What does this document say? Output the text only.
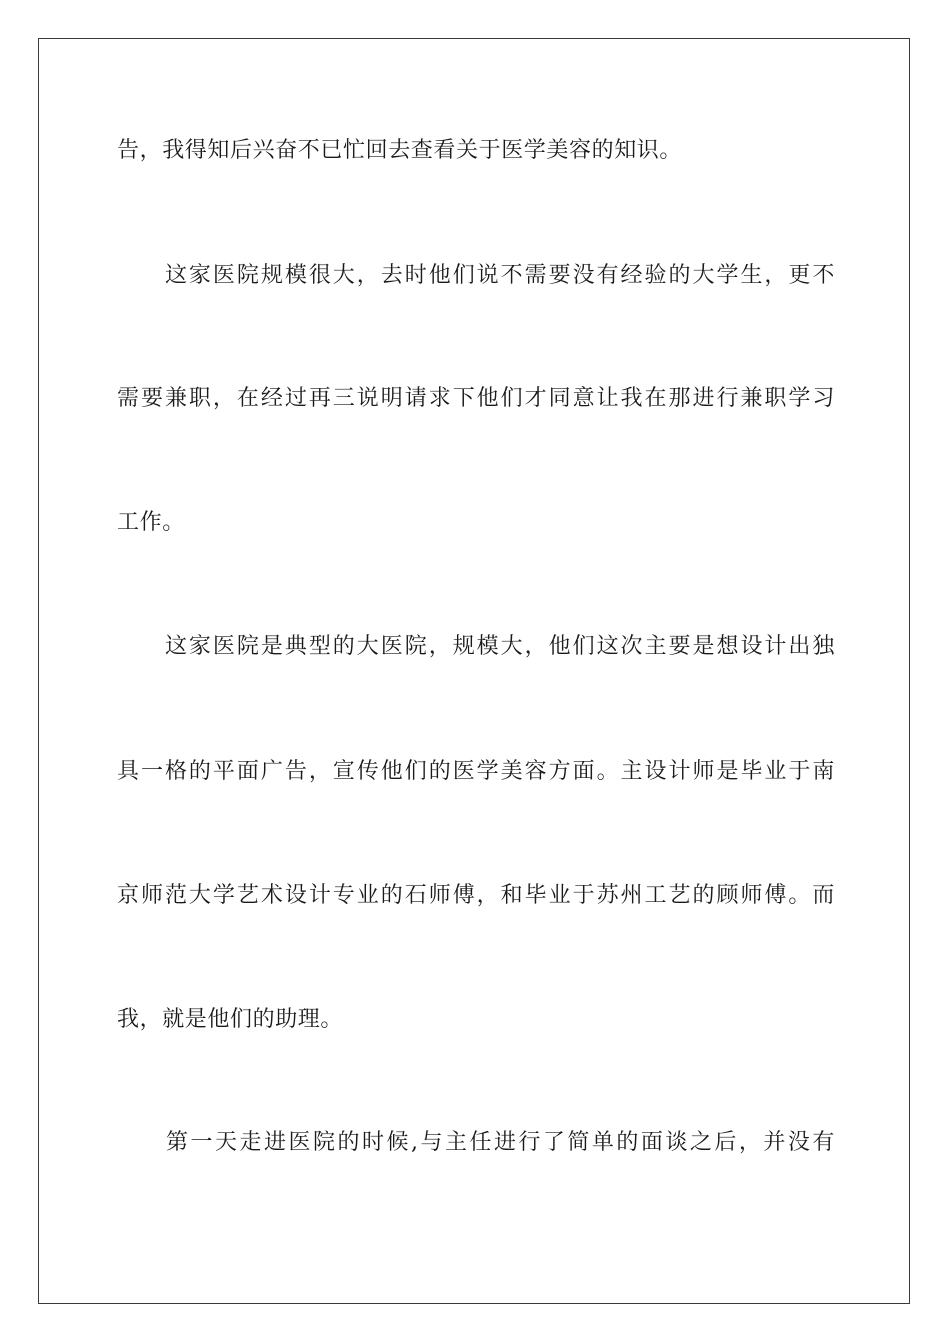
告，我得知后兴奋不已忙回去查看关于医学美容的知识。
　　这家医院规模很大，去时他们说不需要没有经验的大学生，更不
需要兼职，在经过再三说明请求下他们才同意让我在那进行兼职学习
工作。
　　这家医院是典型的大医院，规模大，他们这次主要是想设计出独
具一格的平面广告，宣传他们的医学美容方面。主设计师是毕业于南
京师范大学艺术设计专业的石师傅，和毕业于苏州工艺的顾师傅。而
我，就是他们的助理。
　　第一天走进医院的时候,与主任进行了简单的面谈之后，并没有
